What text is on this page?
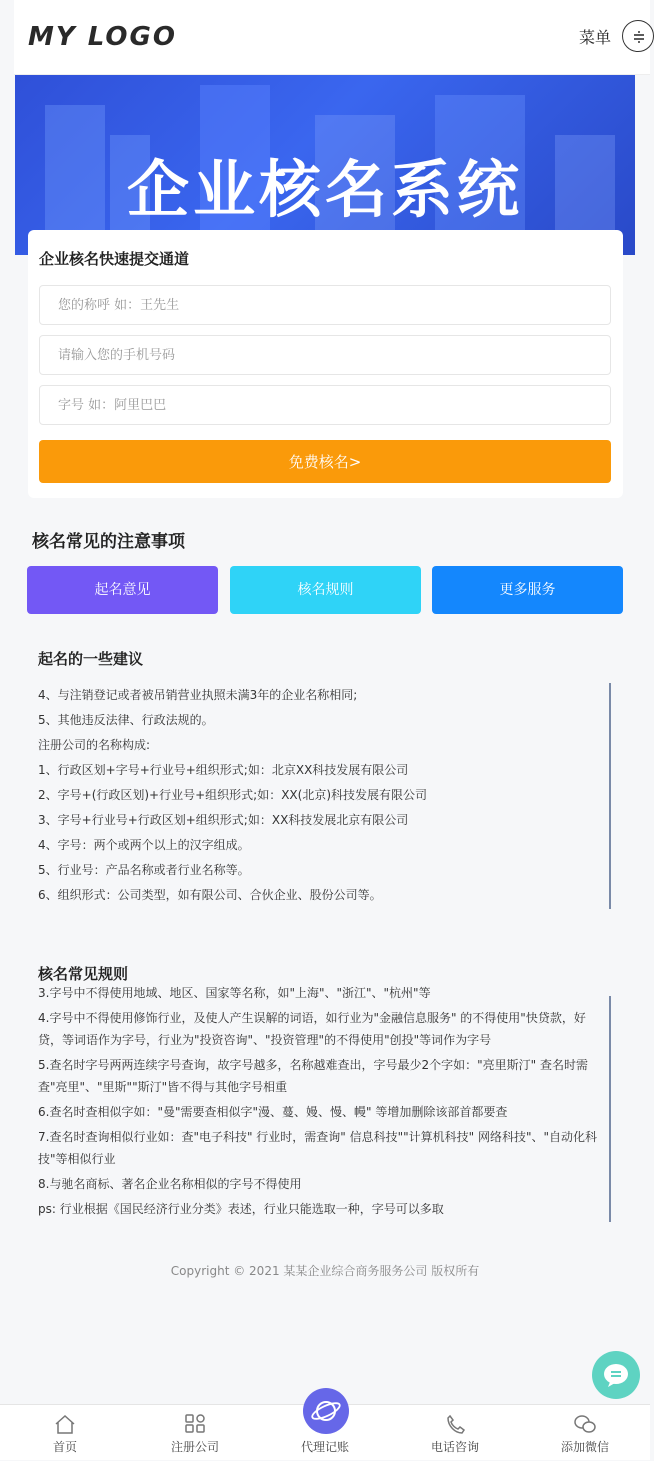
MY LOGO	菜单
企业核名系统
企业核名快速提交通道
您的称呼 如：王先生
请输入您的手机号码
字号 如：阿里巴巴
免费核名>
核名常见的注意事项
起名意见	核名规则	更多服务
起名的一些建议

4、与注销登记或者被吊销营业执照未满3年的企业名称相同;

5、其他违反法律、行政法规的。

注册公司的名称构成:

1、行政区划+字号+行业号+组织形式;如：北京XX科技发展有限公司

2、字号+(行政区划)+行业号+组织形式;如：XX(北京)科技发展有限公司

3、字号+行业号+行政区划+组织形式;如：XX科技发展北京有限公司

4、字号：两个或两个以上的汉字组成。

5、行业号：产品名称或者行业名称等。

6、组织形式：公司类型，如有限公司、合伙企业、股份公司等。

核名常见规则

3.字号中不得使用地域、地区、国家等名称，如"上海"、"浙江"、"杭州"等

4.字号中不得使用修饰行业，及使人产生误解的词语，如行业为"金融信息服务" 的不得使用"快贷款，好贷，等词语作为字号，行业为"投资咨询"、"投资管理"的不得使用"创投"等词作为字号

5.查名时字号两两连续字号查询，故字号越多，名称越难查出，字号最少2个字如："亮里斯汀" 查名时需查"亮里"、"里斯""斯汀"皆不得与其他字号相重

6.查名时查相似字如："曼"需要查相似字"漫、蔓、嫚、慢、幔" 等增加删除该部首都要查

7.查名时查询相似行业如：查"电子科技" 行业时，需查询" 信息科技""计算机科技" 网络科技"、"自动化科技"等相似行业

8.与驰名商标、著名企业名称相似的字号不得使用

ps: 行业根据《国民经济行业分类》表述，行业只能选取一种，字号可以多取

Copyright © 2021 某某企业综合商务服务公司 版权所有
首页	注册公司	代理记账	电话咨询	添加微信
